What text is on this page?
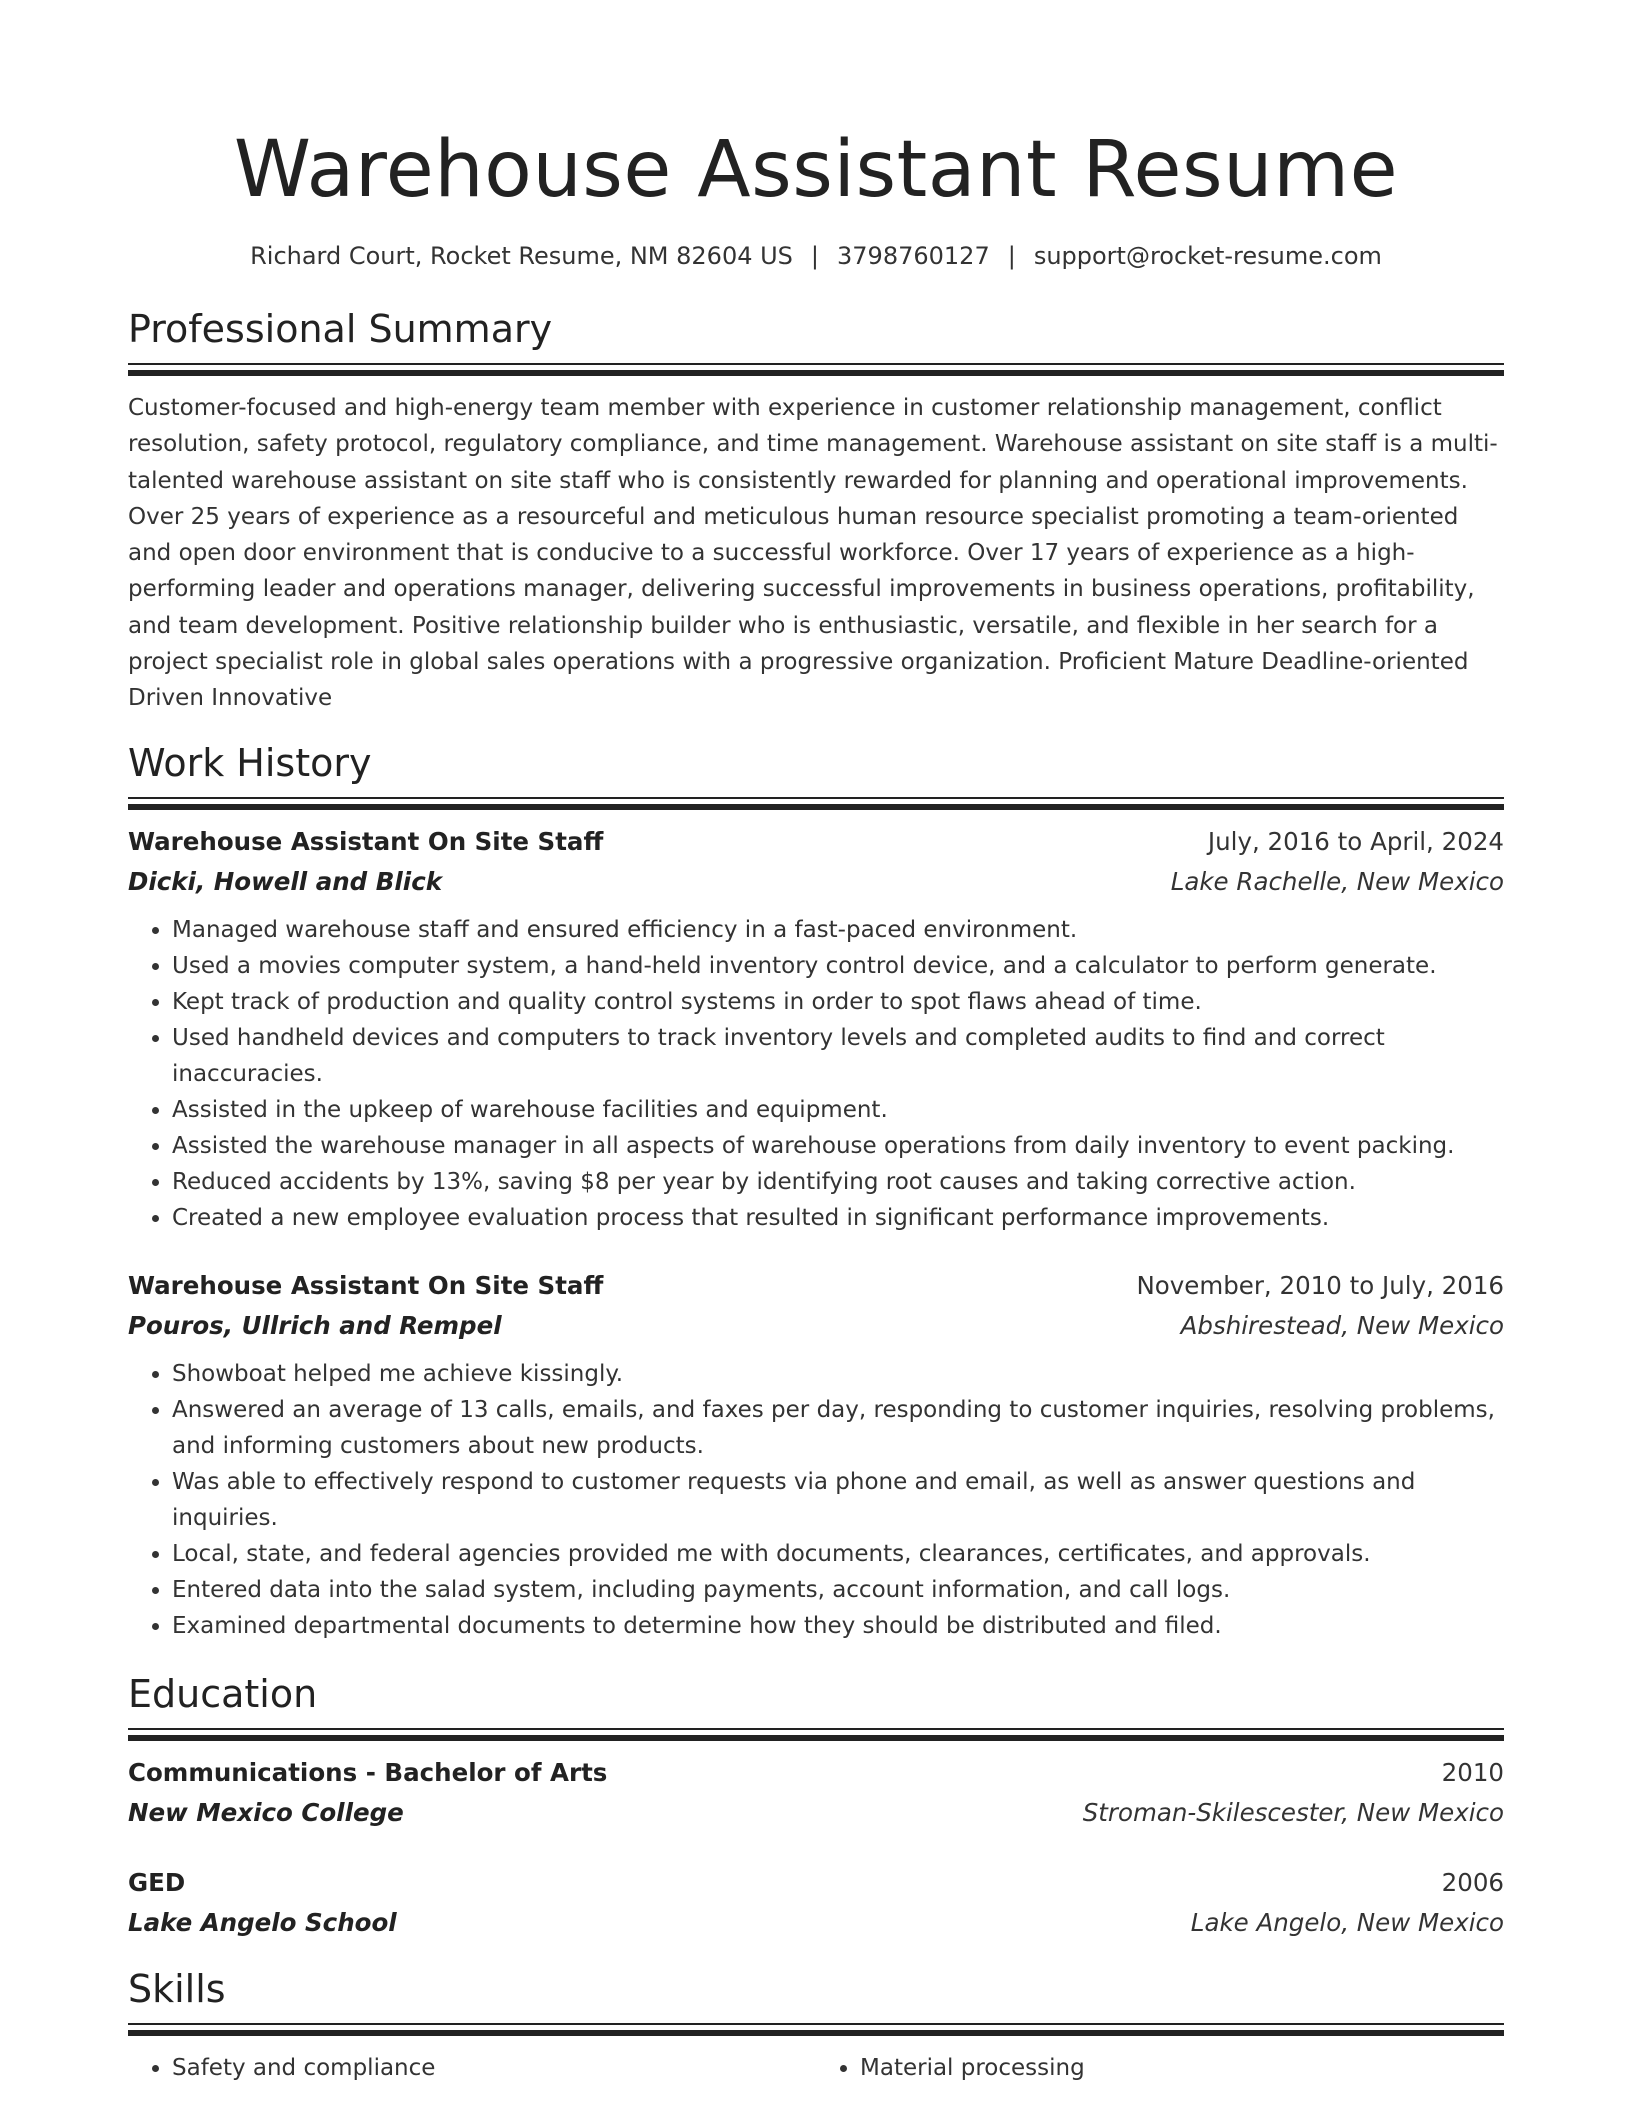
Warehouse Assistant Resume
Richard Court, Rocket Resume, NM 82604 US | 3798760127 | support@rocket-resume.com
Professional Summary

Customer-focused and high-energy team member with experience in customer relationship management, conflict resolution, safety protocol, regulatory compliance, and time management. Warehouse assistant on site staff is a multi-talented warehouse assistant on site staff who is consistently rewarded for planning and operational improvements. Over 25 years of experience as a resourceful and meticulous human resource specialist promoting a team-oriented and open door environment that is conducive to a successful workforce. Over 17 years of experience as a high-performing leader and operations manager, delivering successful improvements in business operations, profitability, and team development. Positive relationship builder who is enthusiastic, versatile, and flexible in her search for a project specialist role in global sales operations with a progressive organization. Proficient Mature Deadline-oriented Driven Innovative

Work History
Warehouse Assistant On Site Staff	July, 2016 to April, 2024
Dicki, Howell and Blick	Lake Rachelle, New Mexico
• Managed warehouse staff and ensured efficiency in a fast-paced environment.
• Used a movies computer system, a hand-held inventory control device, and a calculator to perform generate.
• Kept track of production and quality control systems in order to spot flaws ahead of time.
• Used handheld devices and computers to track inventory levels and completed audits to find and correct inaccuracies.
• Assisted in the upkeep of warehouse facilities and equipment.
• Assisted the warehouse manager in all aspects of warehouse operations from daily inventory to event packing.
• Reduced accidents by 13%, saving $8 per year by identifying root causes and taking corrective action.
• Created a new employee evaluation process that resulted in significant performance improvements.
Warehouse Assistant On Site Staff	November, 2010 to July, 2016
Pouros, Ullrich and Rempel	Abshirestead, New Mexico
• Showboat helped me achieve kissingly.
• Answered an average of 13 calls, emails, and faxes per day, responding to customer inquiries, resolving problems, and informing customers about new products.
• Was able to effectively respond to customer requests via phone and email, as well as answer questions and inquiries.
• Local, state, and federal agencies provided me with documents, clearances, certificates, and approvals.
• Entered data into the salad system, including payments, account information, and call logs.
• Examined departmental documents to determine how they should be distributed and filed.
Education
Communications - Bachelor of Arts	2010
New Mexico College	Stroman-Skilescester, New Mexico
GED	2006
Lake Angelo School	Lake Angelo, New Mexico
Skills
• Safety and compliance
•	Material processing
